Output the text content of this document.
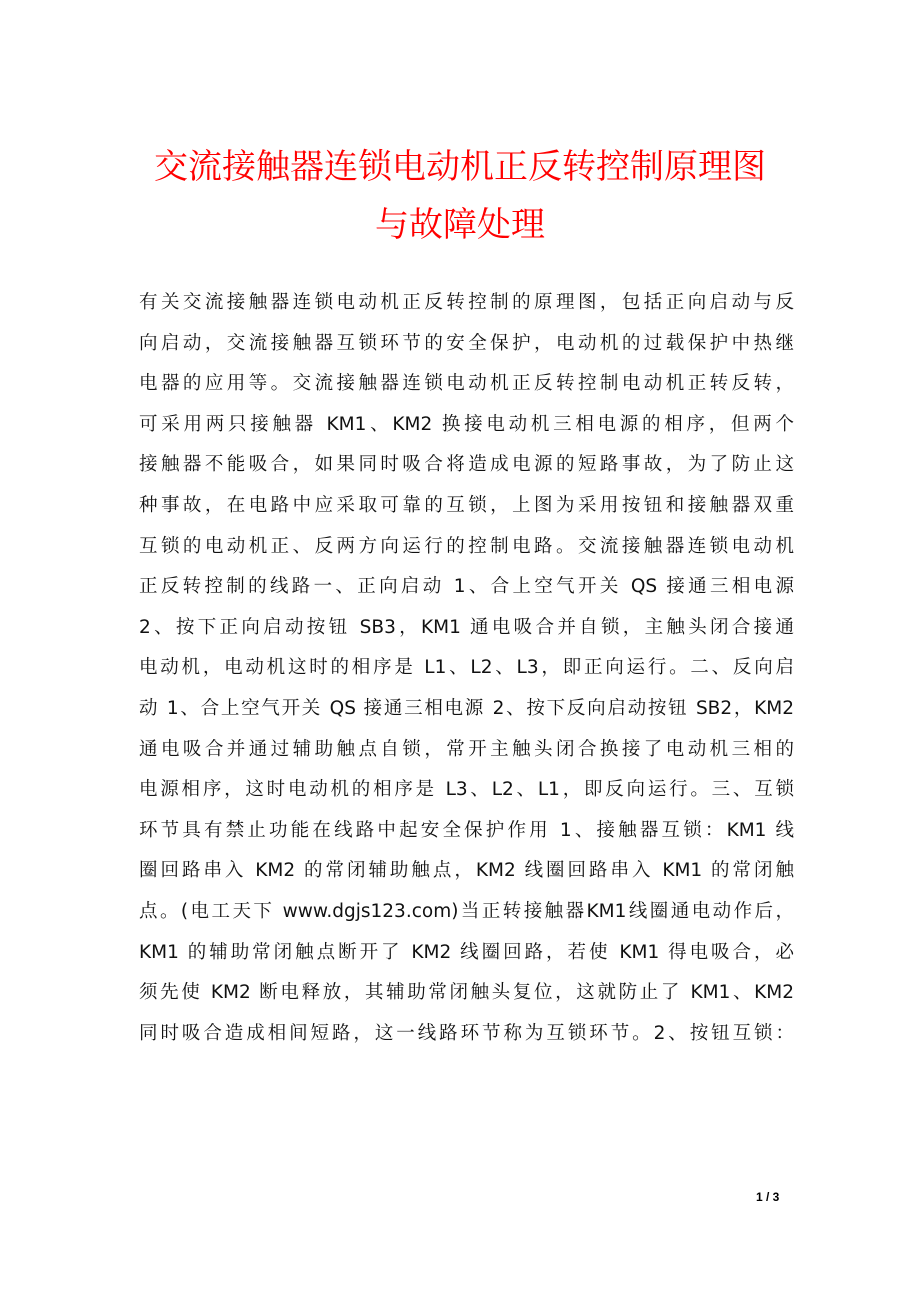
交流接触器连锁电动机正反转控制原理图
与故障处理
有关交流接触器连锁电动机正反转控制的原理图，包括正向启动与反
向启动，交流接触器互锁环节的安全保护，电动机的过载保护中热继
电器的应用等。交流接触器连锁电动机正反转控制电动机正转反转，
可采用两只接触器 KM1、KM2 换接电动机三相电源的相序，但两个
接触器不能吸合，如果同时吸合将造成电源的短路事故，为了防止这
种事故，在电路中应采取可靠的互锁，上图为采用按钮和接触器双重
互锁的电动机正、反两方向运行的控制电路。交流接触器连锁电动机
正反转控制的线路一、正向启动 1、合上空气开关 QS 接通三相电源
2、按下正向启动按钮 SB3，KM1 通电吸合并自锁，主触头闭合接通
电动机，电动机这时的相序是 L1、L2、L3，即正向运行。二、反向启
动 1、合上空气开关 QS 接通三相电源 2、按下反向启动按钮 SB2，KM2
通电吸合并通过辅助触点自锁，常开主触头闭合换接了电动机三相的
电源相序，这时电动机的相序是 L3、L2、L1，即反向运行。三、互锁
环节具有禁止功能在线路中起安全保护作用 1、接触器互锁：KM1 线
圈回路串入 KM2 的常闭辅助触点，KM2 线圈回路串入 KM1 的常闭触
点。(电工天下 www.dgjs123.com)当正转接触器KM1线圈通电动作后，
KM1 的辅助常闭触点断开了 KM2 线圈回路，若使 KM1 得电吸合，必
须先使 KM2 断电释放，其辅助常闭触头复位，这就防止了 KM1、KM2
同时吸合造成相间短路，这一线路环节称为互锁环节。2、按钮互锁：
1 / 3
